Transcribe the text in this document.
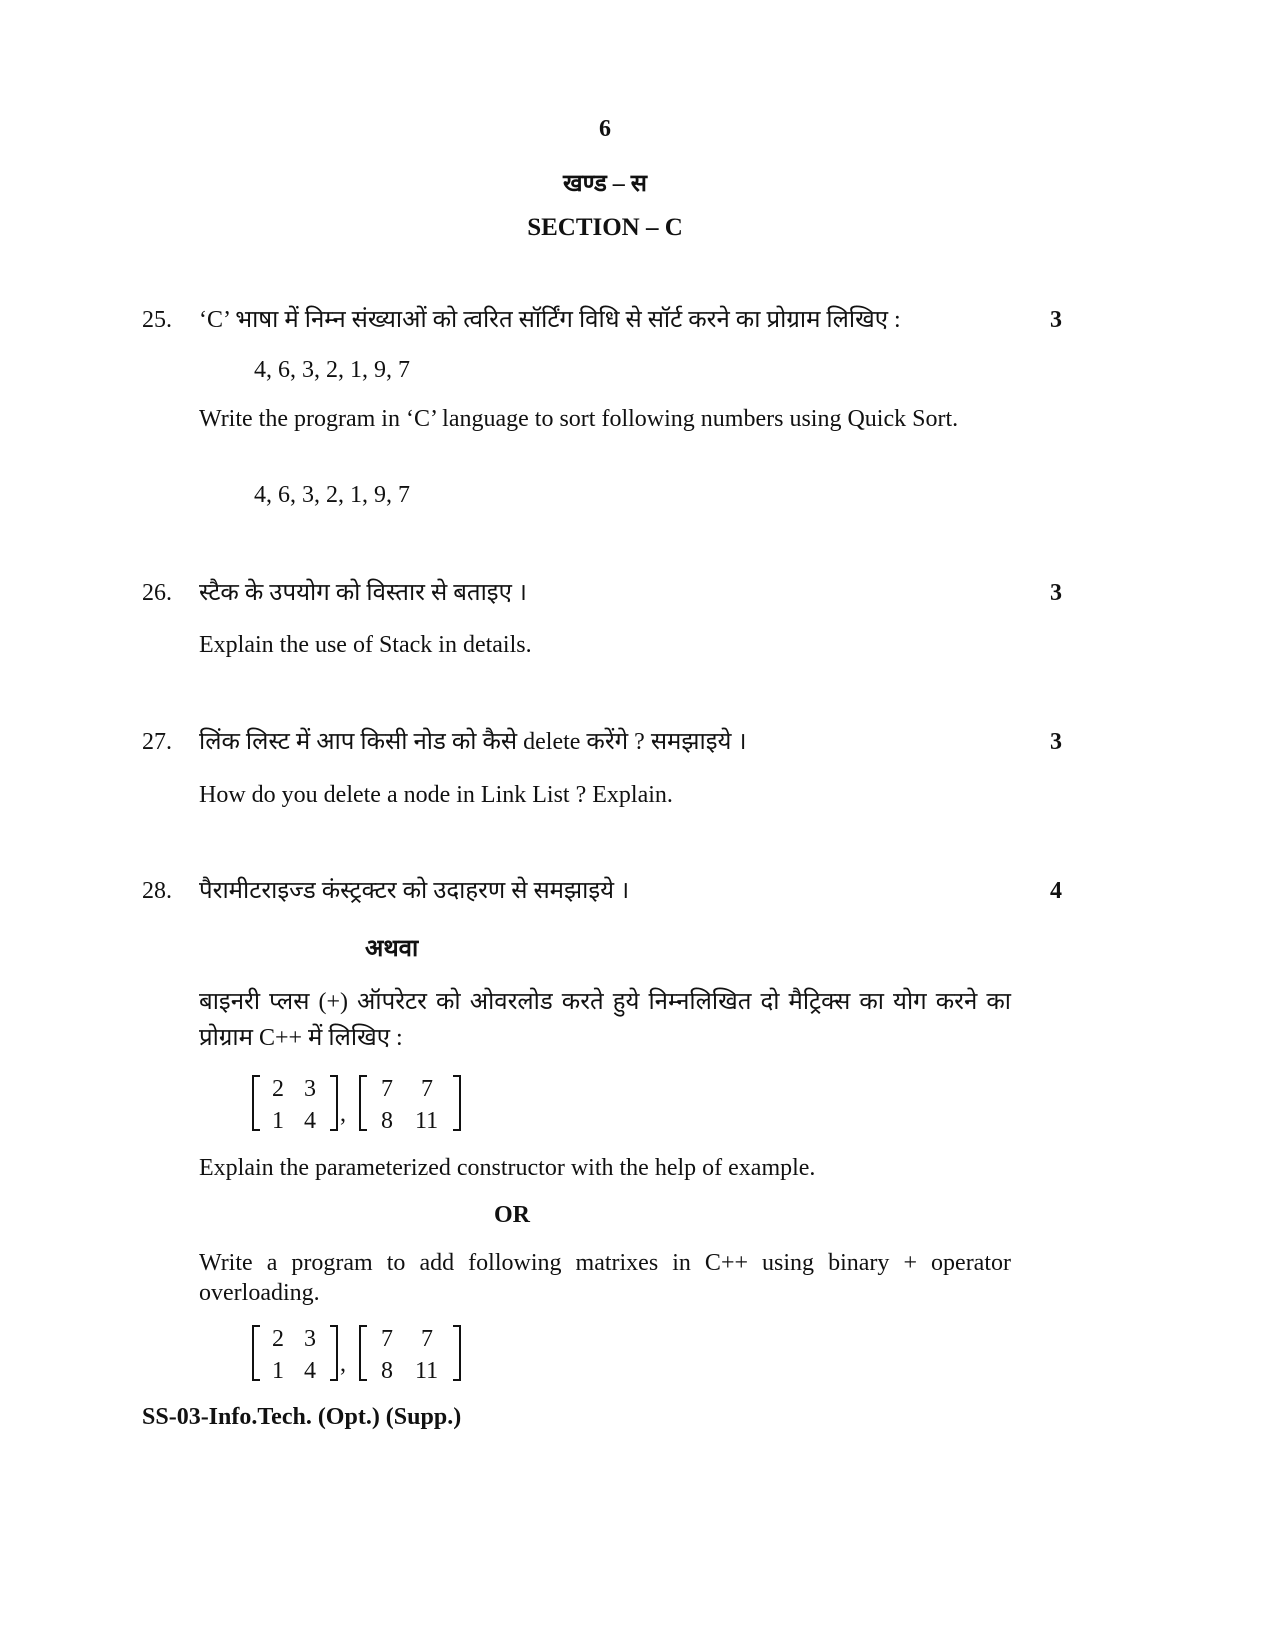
6
खण्ड – स
SECTION – C
25. ‘C’ भाषा में निम्न संख्याओं को त्वरित सॉर्टिंग विधि से सॉर्ट करने का प्रोग्राम लिखिए :	3
4, 6, 3, 2, 1, 9, 7
Write the program in ‘C’ language to sort following numbers using Quick Sort.
4, 6, 3, 2, 1, 9, 7
26. स्टैक के उपयोग को विस्तार से बताइए ।	3
Explain the use of Stack in details.
27. लिंक लिस्ट में आप किसी नोड को कैसे delete करेंगे ? समझाइये ।	3
How do you delete a node in Link List ? Explain.
28. पैरामीटराइज्ड कंस्ट्रक्टर को उदाहरण से समझाइये ।	4
अथवा
बाइनरी प्लस (+) ऑपरेटर को ओवरलोड करते हुये निम्नलिखित दो मैट्रिक्स का योग करने का प्रोग्राम C++ में लिखिए :
2 3
1 4 ,
7 7
8 11
Explain the parameterized constructor with the help of example.
OR
Write a program to add following matrixes in C++ using binary + operator overloading.
2 3
1 4 ,
7 7
8 11
SS-03-Info.Tech. (Opt.) (Supp.)
